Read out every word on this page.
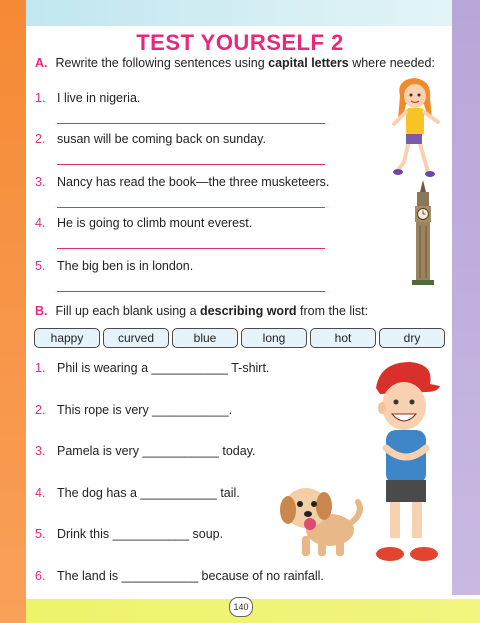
TEST YOURSELF 2
A. Rewrite the following sentences using capital letters where needed:
1. I live in nigeria.
2. susan will be coming back on sunday.
3. Nancy has read the book—the three musketeers.
4. He is going to climb mount everest.
5. The big ben is in london.
B. Fill up each blank using a describing word from the list:
happy	curved	blue	long	hot	dry
1. Phil is wearing a ___________ T-shirt.
2. This rope is very ___________.
3. Pamela is very ___________ today.
4. The dog has a ___________ tail.
5. Drink this ___________ soup.
6. The land is ___________ because of no rainfall.
140
